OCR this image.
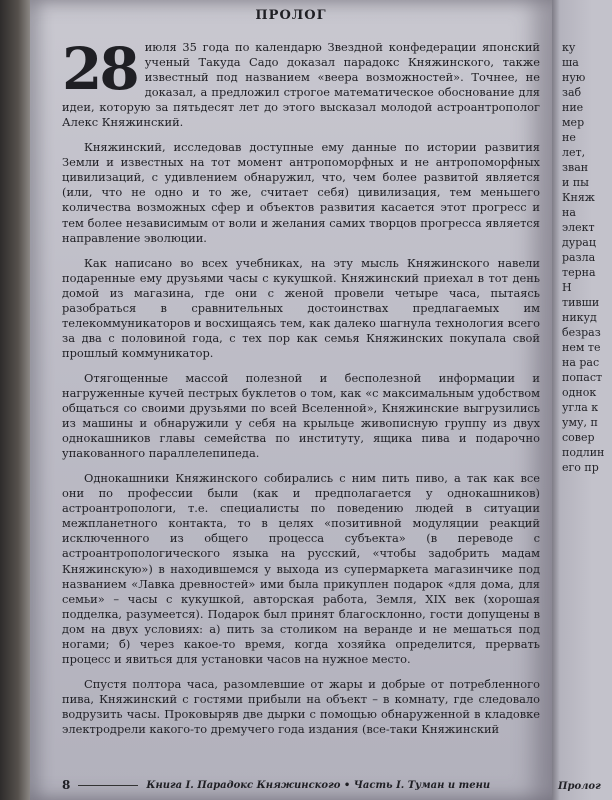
ПРОЛОГ

28 июля 35 года по календарю Звездной конфедерации японский ученый Такуда Садо доказал парадокс Княжинского, также известный под названием «веера возможностей». Точнее, не доказал, а предложил строгое математическое обоснование для идеи, которую за пятьдесят лет до этого высказал молодой астроантрополог Алекс Княжинский.

Княжинский, исследовав доступные ему данные по истории развития Земли и известных на тот момент антропоморфных и не антропоморфных цивилизаций, с удивлением обнаружил, что, чем более развитой является (или, что не одно и то же, считает себя) цивилизация, тем меньшего количества возможных сфер и объектов развития касается этот прогресс и тем более независимым от воли и желания самих творцов прогресса является направление эволюции.

Как написано во всех учебниках, на эту мысль Княжинского навели подаренные ему друзьями часы с кукушкой. Княжинский приехал в тот день домой из магазина, где они с женой провели четыре часа, пытаясь разобраться в сравнительных достоинствах предлагаемых им телекоммуникаторов и восхищаясь тем, как далеко шагнула технология всего за два с половиной года, с тех пор как семья Княжинских покупала свой прошлый коммуникатор.

Отягощенные массой полезной и бесполезной информации и нагруженные кучей пестрых буклетов о том, как «с максимальным удобством общаться со своими друзьями по всей Вселенной», Княжинские выгрузились из машины и обнаружили у себя на крыльце живописную группу из двух однокашников главы семейства по институту, ящика пива и подарочно упакованного параллелепипеда.

Однокашники Княжинского собирались с ним пить пиво, а так как все они по профессии были (как и предполагается у однокашников) астроантропологи, т.е. специалисты по поведению людей в ситуации межпланетного контакта, то в целях «позитивной модуляции реакций исключенного из общего процесса субъекта» (в переводе с астроантропологического языка на русский, «чтобы задобрить мадам Княжинскую») в находившемся у выхода из супермаркета магазинчике под названием «Лавка древностей» ими была прикуплен подарок «для дома, для семьи» – часы с кукушкой, авторская работа, Земля, XIX век (хорошая подделка, разумеется). Подарок был принят благосклонно, гости допущены в дом на двух условиях: а) пить за столиком на веранде и не мешаться под ногами; б) через какое-то время, когда хозяйка определится, прервать процесс и явиться для установки часов на нужное место.

Спустя полтора часа, разомлевшие от жары и добрые от потребленного пива, Княжинский с гостями прибыли на объект – в комнату, где следовало водрузить часы. Проковыряв две дырки с помощью обнаруженной в кладовке электродрели какого-то дремучего года издания (все-таки Княжинский

8	Книга I. Парадокс Княжинского • Часть I. Туман и тени
ку
ша
ную
заб
ние
мер
не
лет,
зван
и пы
Княж
на
элект
дурац
разла
терна
Н
тивши
никуд
безраз
нем те
на рас
попаст
однок
угла к
уму, п
совер
подлин
его пр
Пролог
